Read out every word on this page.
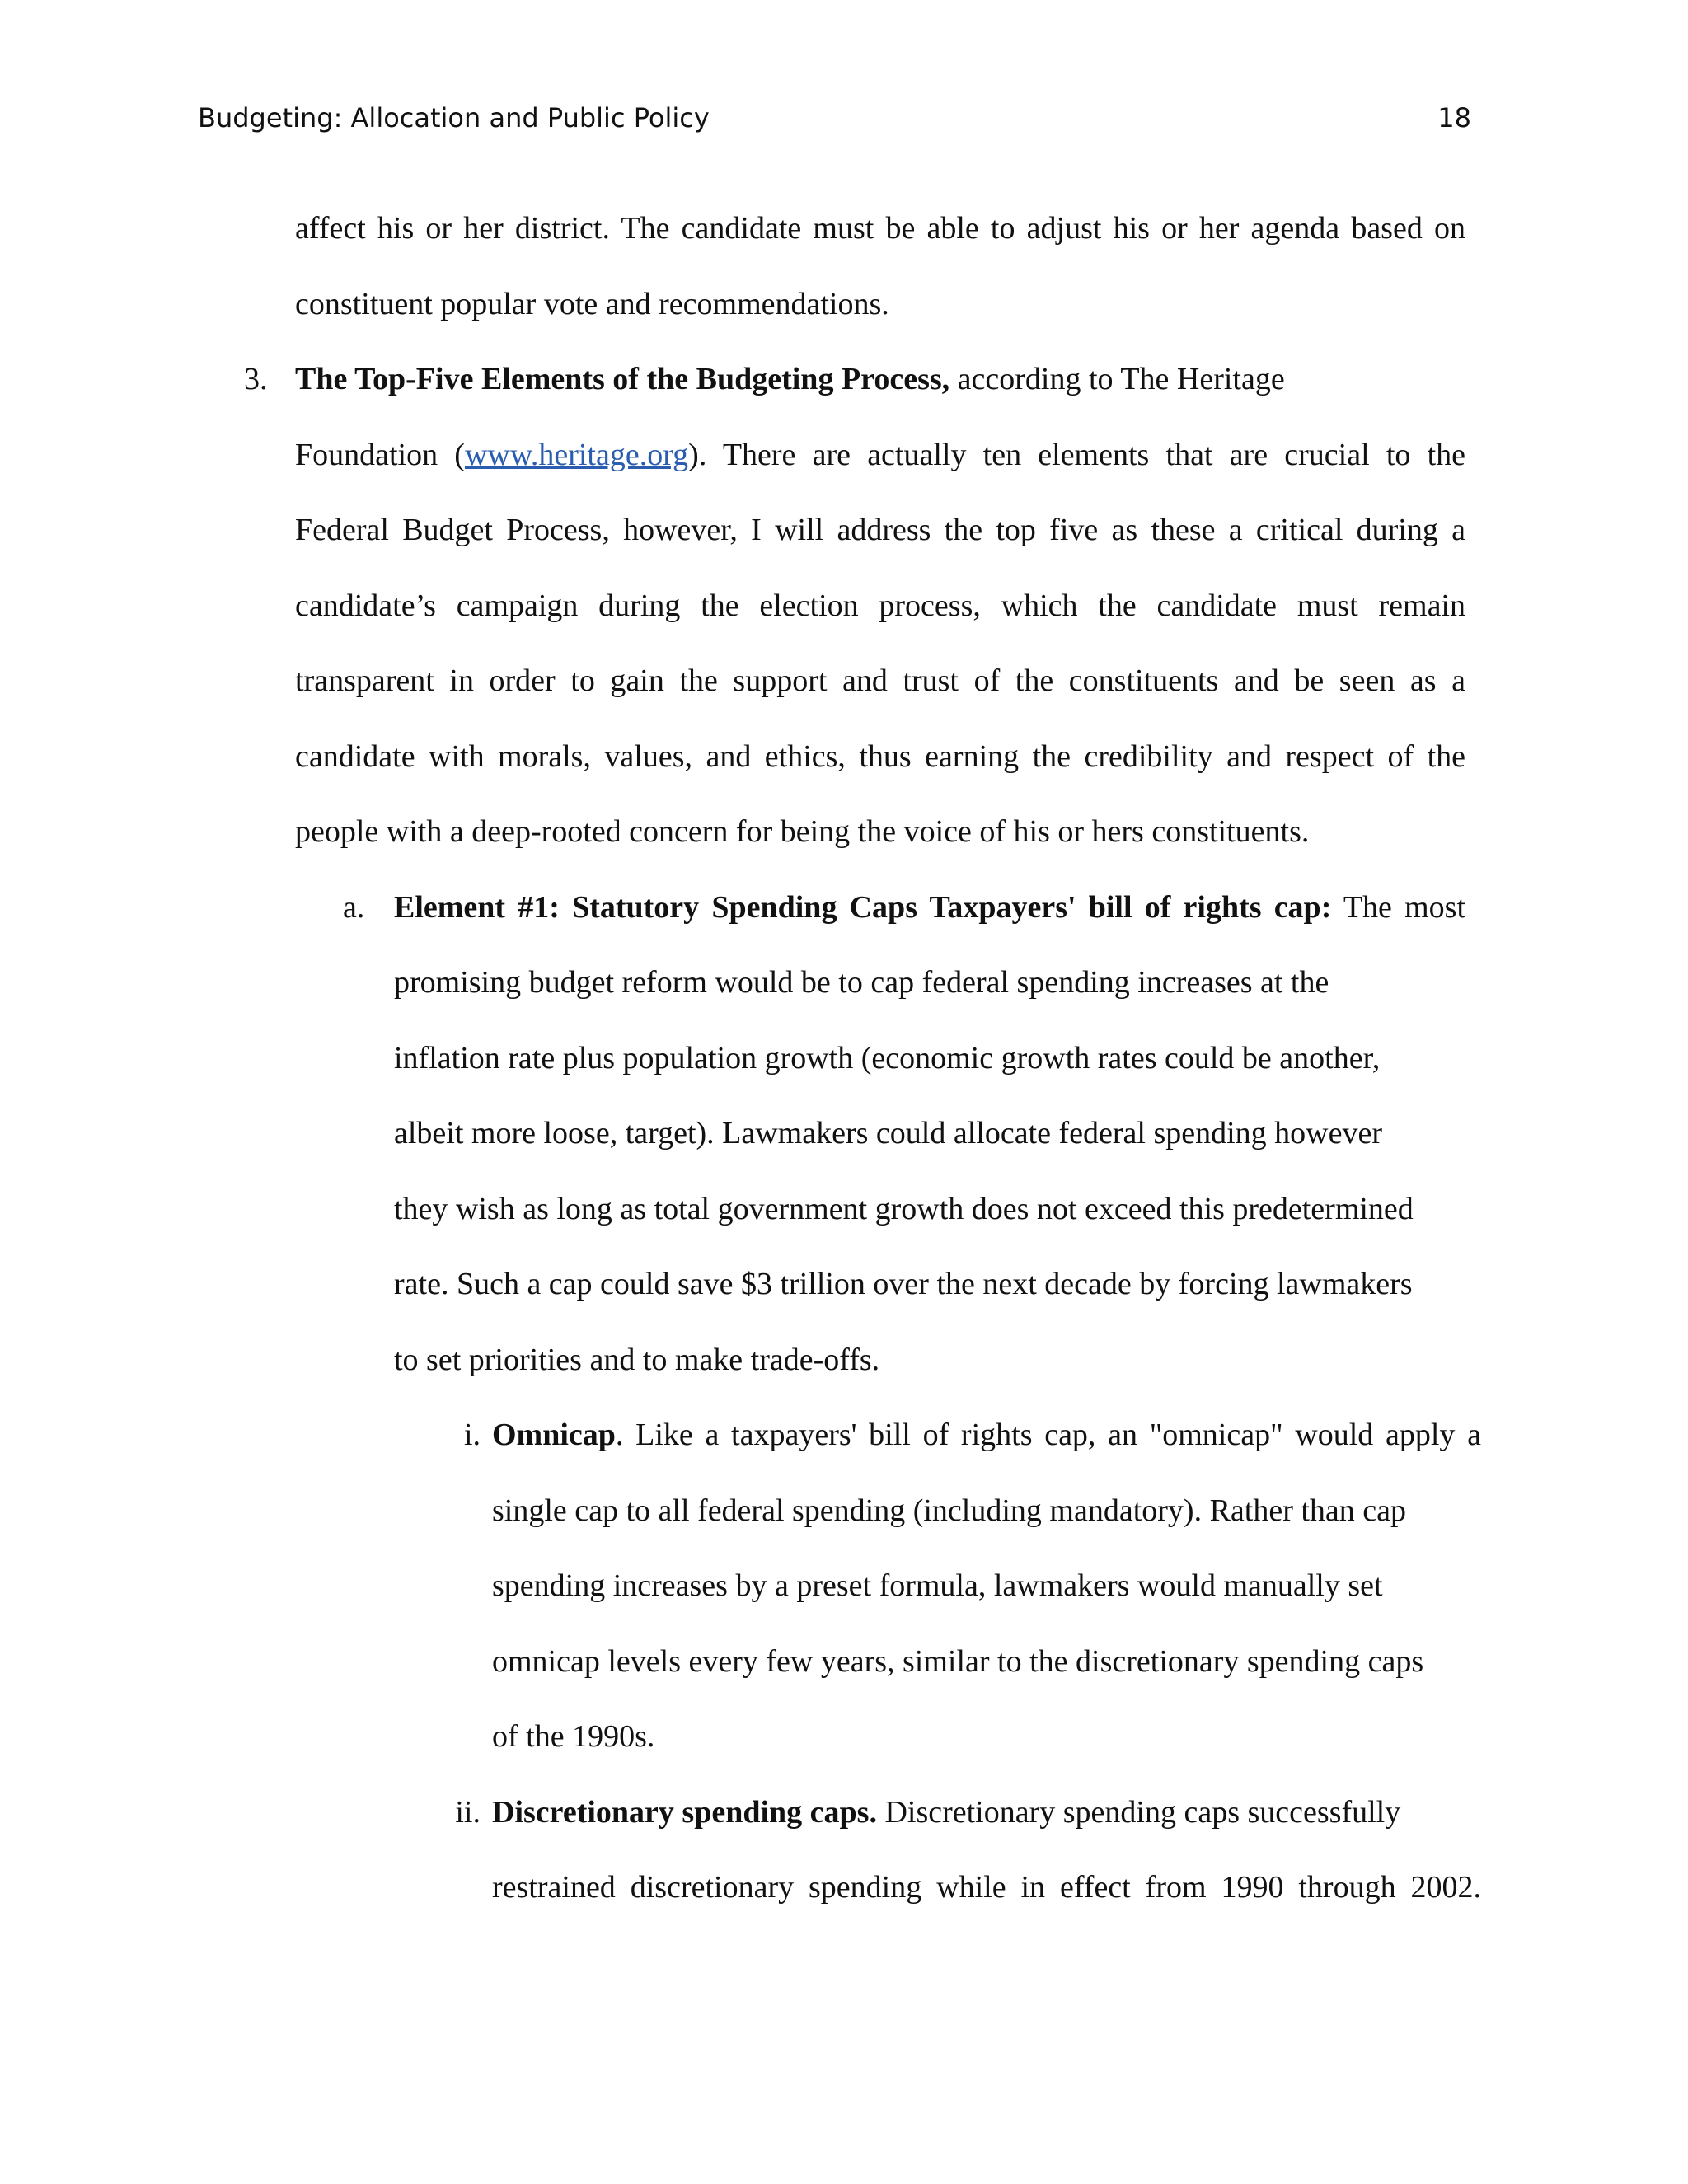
Budgeting: Allocation and Public Policy	18
affect his or her district. The candidate must be able to adjust his or her agenda based on
constituent popular vote and recommendations.
3. The Top-Five Elements of the Budgeting Process, according to The Heritage
Foundation (www.heritage.org). There are actually ten elements that are crucial to the
Federal Budget Process, however, I will address the top five as these a critical during a
candidate’s campaign during the election process, which the candidate must remain
transparent in order to gain the support and trust of the constituents and be seen as a
candidate with morals, values, and ethics, thus earning the credibility and respect of the
people with a deep-rooted concern for being the voice of his or hers constituents.
a. Element #1: Statutory Spending Caps Taxpayers' bill of rights cap: The most
promising budget reform would be to cap federal spending increases at the
inflation rate plus population growth (economic growth rates could be another,
albeit more loose, target). Lawmakers could allocate federal spending however
they wish as long as total government growth does not exceed this predetermined
rate. Such a cap could save $3 trillion over the next decade by forcing lawmakers
to set priorities and to make trade-offs.
i. Omnicap. Like a taxpayers' bill of rights cap, an "omnicap" would apply a
single cap to all federal spending (including mandatory). Rather than cap
spending increases by a preset formula, lawmakers would manually set
omnicap levels every few years, similar to the discretionary spending caps
of the 1990s.
ii. Discretionary spending caps. Discretionary spending caps successfully
restrained discretionary spending while in effect from 1990 through 2002.
